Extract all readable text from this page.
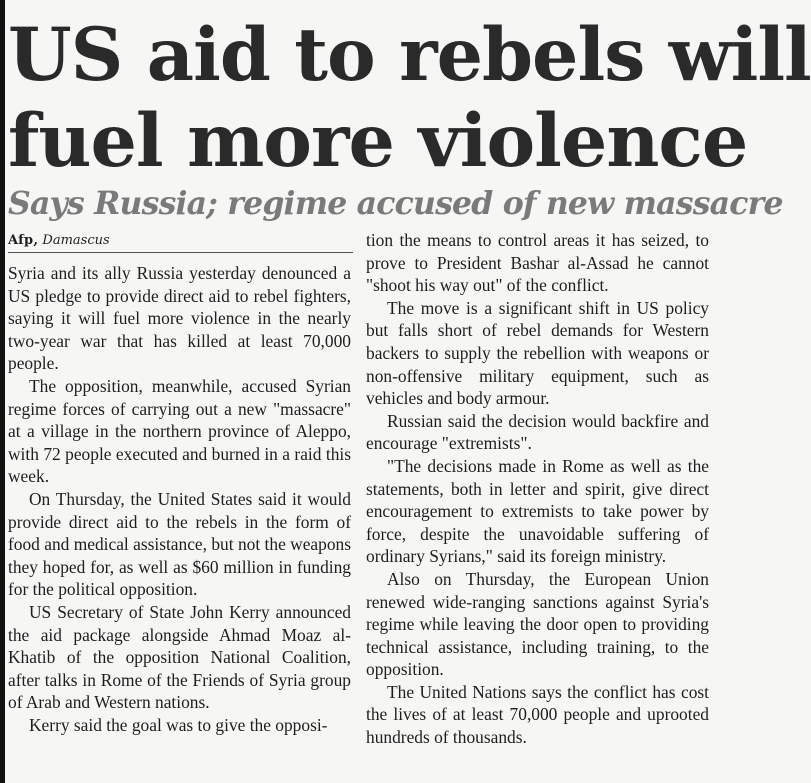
US aid to rebels will
fuel more violence
Says Russia; regime accused of new massacre
Afp, Damascus

Syria and its ally Russia yesterday denounced a US pledge to provide direct aid to rebel fighters, saying it will fuel more violence in the nearly two-year war that has killed at least 70,000 people.

The opposition, meanwhile, accused Syrian regime forces of carrying out a new "massacre" at a village in the northern province of Aleppo, with 72 people executed and burned in a raid this week.

On Thursday, the United States said it would provide direct aid to the rebels in the form of food and medical assistance, but not the weapons they hoped for, as well as $60 million in funding for the political opposition.

US Secretary of State John Kerry announced the aid package alongside Ahmad Moaz al-Khatib of the opposition National Coalition, after talks in Rome of the Friends of Syria group of Arab and Western nations.

Kerry said the goal was to give the opposi-

tion the means to control areas it has seized, to prove to President Bashar al-Assad he cannot "shoot his way out" of the conflict.

The move is a significant shift in US policy but falls short of rebel demands for Western backers to supply the rebellion with weapons or non-offensive military equipment, such as vehicles and body armour.

Russian said the decision would backfire and encourage "extremists".

"The decisions made in Rome as well as the statements, both in letter and spirit, give direct encouragement to extremists to take power by force, despite the unavoidable suffering of ordinary Syrians," said its foreign ministry.

Also on Thursday, the European Union renewed wide-ranging sanctions against Syria's regime while leaving the door open to providing technical assistance, including training, to the opposition.

The United Nations says the conflict has cost the lives of at least 70,000 people and uprooted hundreds of thousands.
